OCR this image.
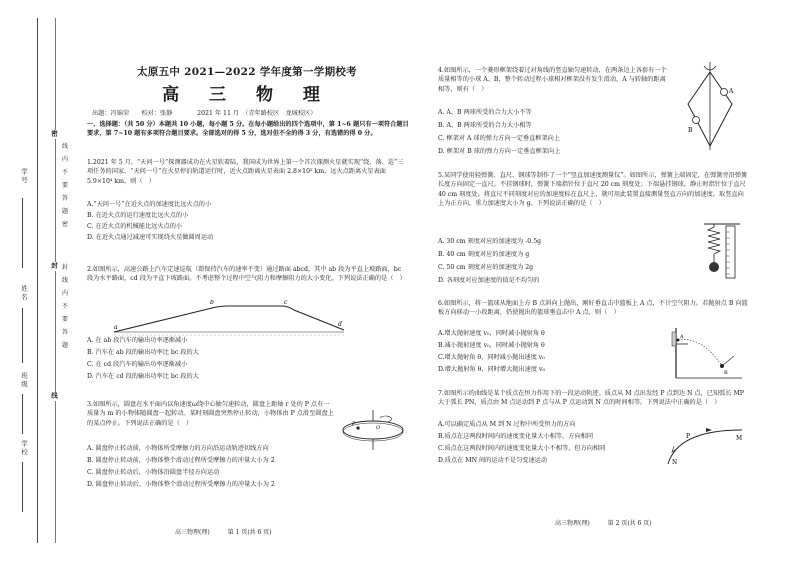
学号
姓名
班级
学校
密
封
线
线
内
不
要
答
题
密
封
线
内
不
要
答
题
太原五中 2021—2022 学年度第一学期校考
高 三 物 理
出题：冯锦荣　　校对：张静　　　　2021 年 11 月　（青年路校区　龙城校区）
一、选择题：（共 50 分）本题共 10 小题，每小题 5 分。在每小题给出的四个选项中，第 1~6 题只有一项符合题目要求，第 7~10 题有多项符合题目要求。全部选对的得 5 分，选对但不全的得 3 分，有选错的得 0 分。
1.2021 年 5 月，“天问一号”探测器成功在火星软着陆，我国成为世界上第一个首次探测火星就实现“绕、落、巡”三项任务的国家。“天问一号”在火星停泊轨道运行时，近火点距离火星表面 2.8×10² km、远火点距离火星表面 5.9×10⁴ km，则（　）
A.“天问一号”在近火点的加速度比远火点的小
B. 在近火点的运行速度比远火点的小
C. 在近火点的机械能比远火点的小
D. 在近火点通过减速可实现绕火星做圆周运动
2.如图所示，高速公路上汽车定速巡航（即保持汽车的速率不变）通过路面 abcd，其中 ab 段为平直上坡路面，bc 段为水平路面，cd 段为平直下坡路面。不考虑整个过程中空气阻力和摩擦阻力的大小变化。下列说法正确的是（　）
a
b	c
d
A. 在 ab 段汽车的输出功率逐渐减小
B. 汽车在 ab 段的输出功率比 bc 段的大
C. 在 cd 段汽车的输出功率逐渐减小
D. 汽车在 cd 段的输出功率比 bc 段的大
3.如图所示，圆盘在水平面内以角速度ω绕中心轴匀速转动，圆盘上距轴 r 处的 P 点有一质量为 m 的小物体随圆盘一起转动。某时刻圆盘突然停止转动，小物体由 P 点滑至圆盘上的某点停止。下列说法正确的是（　）
O
P
A. 圆盘停止转动前，小物体所受摩擦力的方向沿运动轨迹切线方向
B. 圆盘停止转动前，小物体整个滑动过程所受摩擦力的冲量大小为 2
C. 圆盘停止转动后，小物体沿圆盘半径方向运动
D. 圆盘停止转动后，小物体整个滑动过程所受摩擦力的冲量大小为 2
高三物理(理)　　　第 1 页(共 6 页)
4.如图所示，一个菱形框架绕着过对角线的竖直轴匀速转动，在两条边上各套有一个质量相等的小球 A、B，整个转动过程小球相对框架没有发生滑动，A 与转轴的距离相等，则有（　）	A
B
A. A、B 两球所受的合力大小不等
B. A、B 两球所受的合力大小相等
C. 框架对 A 球的弹力方向一定垂直框架向上
D. 框架对 B 球的弹力方向一定垂直框架向上
5.某同学使用轻弹簧、直尺、钢球等制作了一个“竖直加速度测量仪”。如图所示，弹簧上端固定，在弹簧旁沿弹簧长度方向固定一直尺。不挂钢球时，弹簧下端指针位于直尺 20 cm 刻度处；下端悬挂钢球，静止时指针位于直尺 40 cm 刻度处。将直尺不同刻度对应的加速度标在直尺上，就可用此装置直接测量竖直方向的加速度。取竖直向上为正方向，重力加速度大小为 g。下列说法正确的是（　）
A. 30 cm 刻度对应的加速度为 -0.5g
B. 40 cm 刻度对应的加速度为 g
C. 50 cm 刻度对应的加速度为 2g
D. 各刻度对应加速度的值是不均匀的
6.如图所示，将一篮球从地面上方 B 点斜向上抛出，刚好垂直击中篮板上 A 点，不计空气阻力。若抛射点 B 向篮板方向移动一小段距离，仍使抛出的篮球垂直击中 A 点，则（　）
A.增大抛射速度 v₀，同时减小抛射角 θ
B.减小抛射速度 v₀，同时减小抛射角 θ
C.增大抛射角 θ，同时减小抛出速度 v₀
D.增大抛射角 θ，同时增大抛出速度 v₀
A
B
7.如图所示的曲线是某个质点在恒力作用下的一段运动轨迹。质点从 M 点出发经 P 点到达 N 点，已知弧长 MP 大于弧长 PN，质点由 M 点运动到 P 点与从 P 点运动到 N 点的时间相等。下列说法中正确的是（　）
A.可以确定质点从 M 到 N 过程中所受恒力的方向
B.质点在这两段时间内的速度变化量大小相等，方向相同
C.质点在这两段时间内的速度变化量大小不相等，但方向相同
D.质点在 MN 间的运动不是匀变速运动
P	M
N
高三物理(理)　　　第 2 页(共 6 页)
